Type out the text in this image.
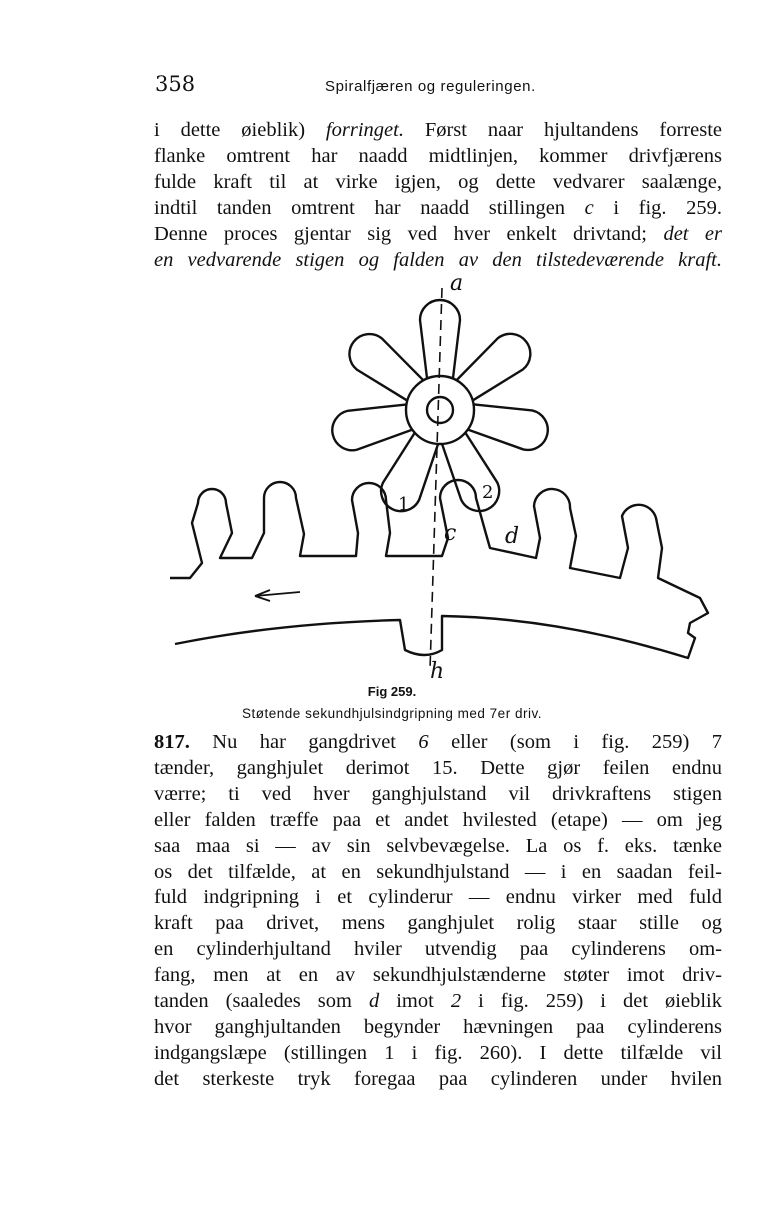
358	Spiralfjæren og reguleringen.
i dette øieblik) forringet. Først naar hjultandens forreste
flanke omtrent har naadd midtlinjen, kommer drivfjærens
fulde kraft til at virke igjen, og dette vedvarer saalænge,
indtil tanden omtrent har naadd stillingen c i fig. 259.
Denne proces gjentar sig ved hver enkelt drivtand; det er
en vedvarende stigen og falden av den tilstedeværende kraft.
a
1
2
c d
h
Fig 259.
Støtende sekundhjulsindgripning med 7er driv.
817. Nu har gangdrivet 6 eller (som i fig. 259) 7
tænder, ganghjulet derimot 15. Dette gjør feilen endnu
værre; ti ved hver ganghjulstand vil drivkraftens stigen
eller falden træffe paa et andet hvilested (etape) — om jeg
saa maa si — av sin selvbevægelse. La os f. eks. tænke
os det tilfælde, at en sekundhjulstand — i en saadan feil-
fuld indgripning i et cylinderur — endnu virker med fuld
kraft paa drivet, mens ganghjulet rolig staar stille og
en cylinderhjultand hviler utvendig paa cylinderens om-
fang, men at en av sekundhjulstænderne støter imot driv-
tanden (saaledes som d imot 2 i fig. 259) i det øieblik
hvor ganghjultanden begynder hævningen paa cylinderens
indgangslæpe (stillingen 1 i fig. 260). I dette tilfælde vil
det sterkeste tryk foregaa paa cylinderen under hvilen
